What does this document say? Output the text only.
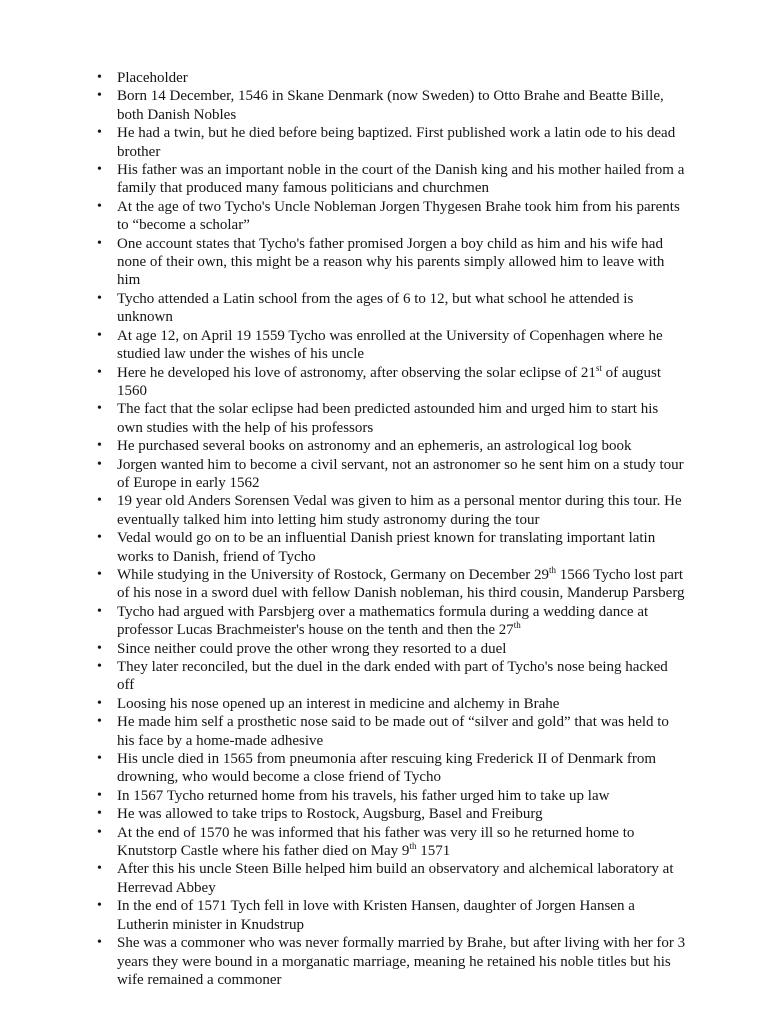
• Placeholder
• Born 14 December, 1546 in Skane Denmark (now Sweden) to Otto Brahe and Beatte Bille, both Danish Nobles
• He had a twin, but he died before being baptized. First published work a latin ode to his dead brother
• His father was an important noble in the court of the Danish king and his mother hailed from a family that produced many famous politicians and churchmen
• At the age of two Tycho's Uncle Nobleman Jorgen Thygesen Brahe took him from his parents to “become a scholar”
• One account states that Tycho's father promised Jorgen a boy child as him and his wife had none of their own, this might be a reason why his parents simply allowed him to leave with him
• Tycho attended a Latin school from the ages of 6 to 12, but what school he attended is unknown
• At age 12, on April 19 1559 Tycho was enrolled at the University of Copenhagen where he studied law under the wishes of his uncle
• Here he developed his love of astronomy, after observing the solar eclipse of 21st of august 1560
• The fact that the solar eclipse had been predicted astounded him and urged him to start his own studies with the help of his professors
• He purchased several books on astronomy and an ephemeris, an astrological log book
• Jorgen wanted him to become a civil servant, not an astronomer so he sent him on a study tour of Europe in early 1562
• 19 year old Anders Sorensen Vedal was given to him as a personal mentor during this tour. He eventually talked him into letting him study astronomy during the tour
• Vedal would go on to be an influential Danish priest known for translating important latin works to Danish, friend of Tycho
• While studying in the University of Rostock, Germany on December 29th 1566 Tycho lost part of his nose in a sword duel with fellow Danish nobleman, his third cousin, Manderup Parsberg
• Tycho had argued with Parsbjerg over a mathematics formula during a wedding dance at professor Lucas Brachmeister's house on the tenth and then the 27th
• Since neither could prove the other wrong they resorted to a duel
• They later reconciled, but the duel in the dark ended with part of Tycho's nose being hacked off
• Loosing his nose opened up an interest in medicine and alchemy in Brahe
• He made him self a prosthetic nose said to be made out of “silver and gold” that was held to his face by a home-made adhesive
• His uncle died in 1565 from pneumonia after rescuing king Frederick II of Denmark from drowning, who would become a close friend of Tycho
• In 1567 Tycho returned home from his travels, his father urged him to take up law
• He was allowed to take trips to Rostock, Augsburg, Basel and Freiburg
• At the end of 1570 he was informed that his father was very ill so he returned home to Knutstorp Castle where his father died on May 9th 1571
• After this his uncle Steen Bille helped him build an observatory and alchemical laboratory at Herrevad Abbey
• In the end of 1571 Tych fell in love with Kristen Hansen, daughter of Jorgen Hansen a Lutherin minister in Knudstrup
• She was a commoner who was never formally married by Brahe, but after living with her for 3 years they were bound in a morganatic marriage, meaning he retained his noble titles but his wife remained a commoner
